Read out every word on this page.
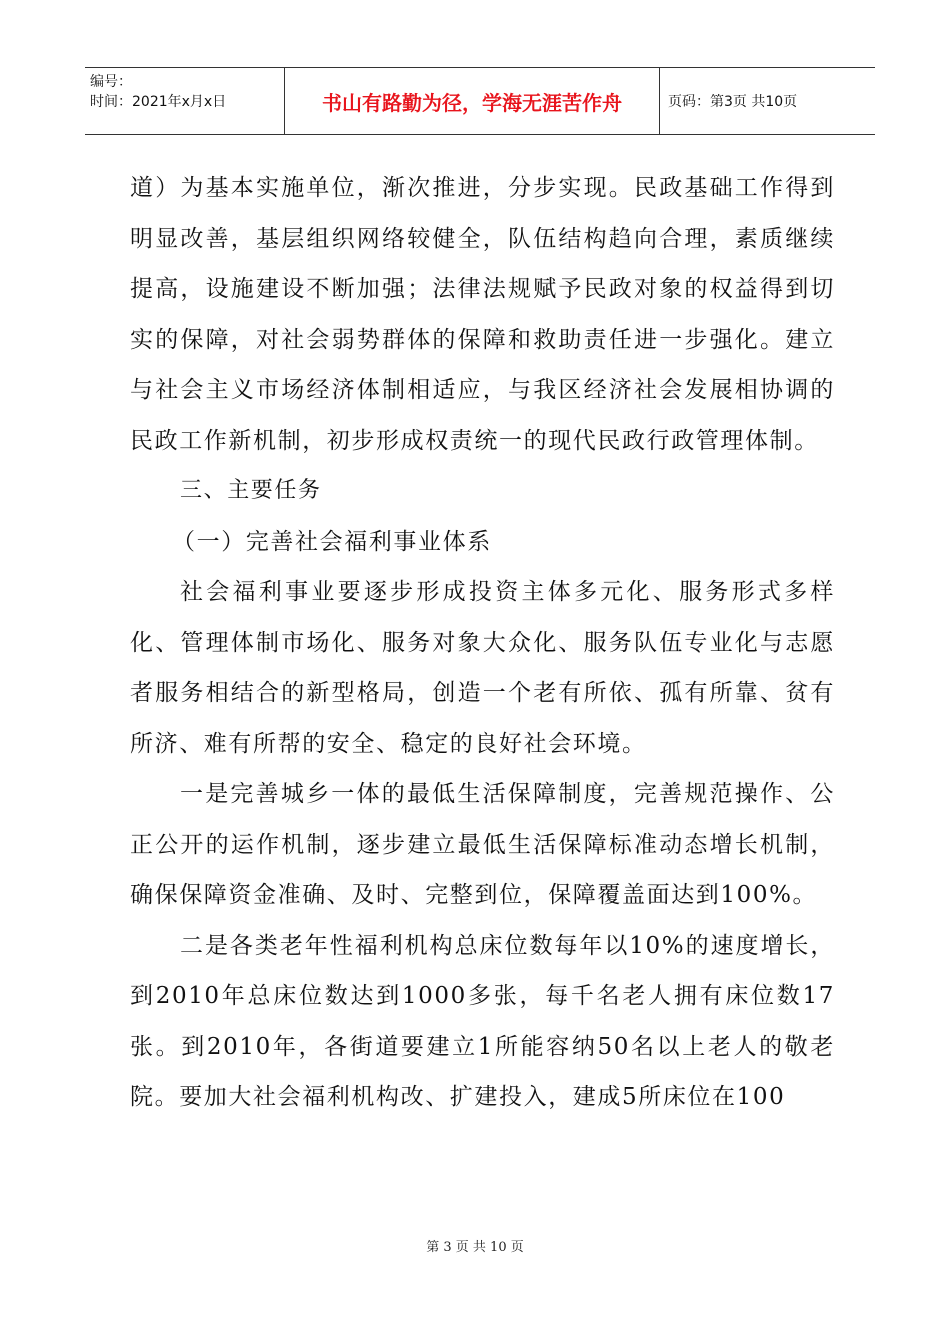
编号：
时间：2021年x月x日	书山有路勤为径，学海无涯苦作舟	页码：第3页 共10页

道）为基本实施单位，渐次推进，分步实现。民政基础工作得到明显改善，基层组织网络较健全，队伍结构趋向合理，素质继续提高，设施建设不断加强；法律法规赋予民政对象的权益得到切实的保障，对社会弱势群体的保障和救助责任进一步强化。建立与社会主义市场经济体制相适应，与我区经济社会发展相协调的民政工作新机制，初步形成权责统一的现代民政行政管理体制。

三、主要任务

（一）完善社会福利事业体系

社会福利事业要逐步形成投资主体多元化、服务形式多样化、管理体制市场化、服务对象大众化、服务队伍专业化与志愿者服务相结合的新型格局，创造一个老有所依、孤有所靠、贫有所济、难有所帮的安全、稳定的良好社会环境。

一是完善城乡一体的最低生活保障制度，完善规范操作、公正公开的运作机制，逐步建立最低生活保障标准动态增长机制，确保保障资金准确、及时、完整到位，保障覆盖面达到100%。

二是各类老年性福利机构总床位数每年以10%的速度增长，到2010年总床位数达到1000多张，每千名老人拥有床位数17张。到2010年，各街道要建立1所能容纳50名以上老人的敬老院。要加大社会福利机构改、扩建投入，建成5所床位在100

第 3 页 共 10 页
